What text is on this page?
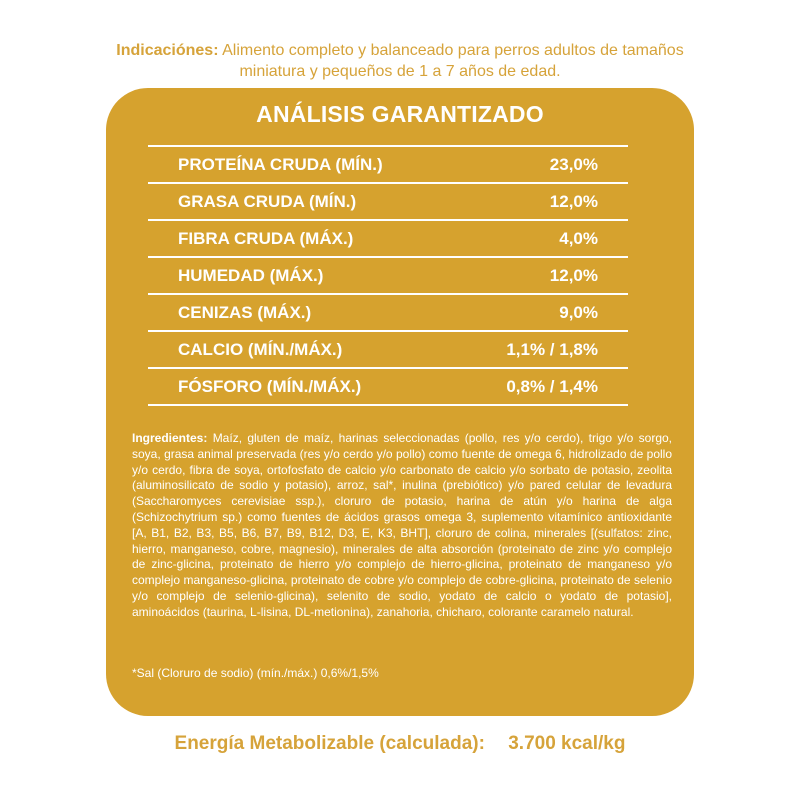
Indicaciónes: Alimento completo y balanceado para perros adultos de tamaños miniatura y pequeños de 1 a 7 años de edad.
ANÁLISIS GARANTIZADO
PROTEÍNA CRUDA (MÍN.)	23,0%
GRASA CRUDA (MÍN.)	12,0%
FIBRA CRUDA (MÁX.)	4,0%
HUMEDAD (MÁX.)	12,0%
CENIZAS (MÁX.)	9,0%
CALCIO (MÍN./MÁX.)	1,1% / 1,8%
FÓSFORO (MÍN./MÁX.)	0,8% / 1,4%
Ingredientes: Maíz, gluten de maíz, harinas seleccionadas (pollo, res y/o cerdo), trigo y/o sorgo, soya, grasa animal preservada (res y/o cerdo y/o pollo) como fuente de omega 6, hidrolizado de pollo y/o cerdo, fibra de soya, ortofosfato de calcio y/o carbonato de calcio y/o sorbato de potasio, zeolita (aluminosilicato de sodio y potasio), arroz, sal*, inulina (prebiótico) y/o pared celular de levadura (Saccharomyces cerevisiae ssp.), cloruro de potasio, harina de atún y/o harina de alga (Schizochytrium sp.) como fuentes de ácidos grasos omega 3, suplemento vitamínico antioxidante [A, B1, B2, B3, B5, B6, B7, B9, B12, D3, E, K3, BHT], cloruro de colina, minerales [(sulfatos: zinc, hierro, manganeso, cobre, magnesio), minerales de alta absorción (proteinato de zinc y/o complejo de zinc-glicina, proteinato de hierro y/o complejo de hierro-glicina, proteinato de manganeso y/o complejo manganeso-glicina, proteinato de cobre y/o complejo de cobre-glicina, proteinato de selenio y/o complejo de selenio-glicina), selenito de sodio, yodato de calcio o yodato de potasio], aminoácidos (taurina, L-lisina, DL-metionina), zanahoria, chicharo, colorante caramelo natural.
*Sal (Cloruro de sodio) (mín./máx.) 0,6%/1,5%
Energía Metabolizable (calculada): 3.700 kcal/kg
